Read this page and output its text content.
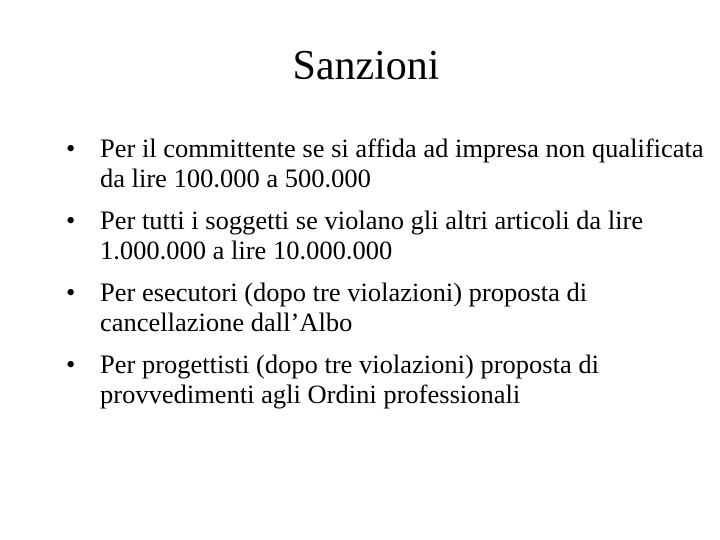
Sanzioni
• Per il committente se si affida ad impresa non qualificata da lire 100.000 a 500.000
• Per tutti i soggetti se violano gli altri articoli da lire 1.000.000 a lire 10.000.000
• Per esecutori (dopo tre violazioni) proposta di cancellazione dall’Albo
• Per progettisti (dopo tre violazioni) proposta di provvedimenti agli Ordini professionali
